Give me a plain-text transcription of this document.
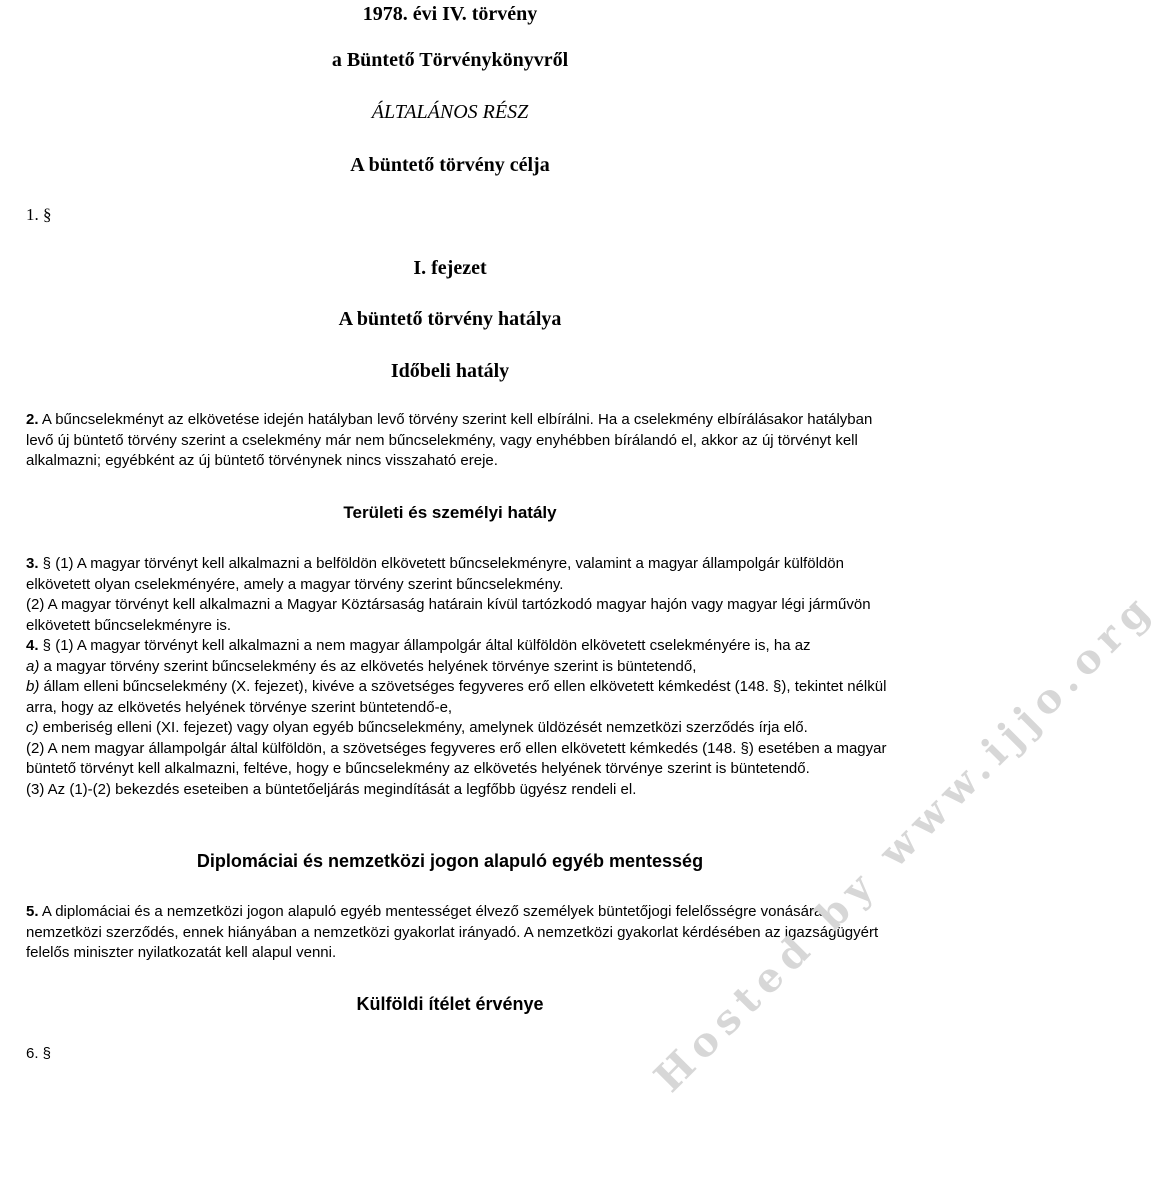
1978. évi IV. törvény
a Büntető Törvénykönyvről
ÁLTALÁNOS RÉSZ
A büntető törvény célja
1. §
I. fejezet
A büntető törvény hatálya
Időbeli hatály

2. A bűncselekményt az elkövetése idején hatályban levő törvény szerint kell elbírálni. Ha a cselekmény elbírálásakor hatályban levő új büntető törvény szerint a cselekmény már nem bűncselekmény, vagy enyhébben bírálandó el, akkor az új törvényt kell alkalmazni; egyébként az új büntető törvénynek nincs visszaható ereje.

Területi és személyi hatály

3. § (1) A magyar törvényt kell alkalmazni a belföldön elkövetett bűncselekményre, valamint a magyar állampolgár külföldön elkövetett olyan cselekményére, amely a magyar törvény szerint bűncselekmény.

(2) A magyar törvényt kell alkalmazni a Magyar Köztársaság határain kívül tartózkodó magyar hajón vagy magyar légi járművön elkövetett bűncselekményre is.

4. § (1) A magyar törvényt kell alkalmazni a nem magyar állampolgár által külföldön elkövetett cselekményére is, ha az

a) a magyar törvény szerint bűncselekmény és az elkövetés helyének törvénye szerint is büntetendő,

b) állam elleni bűncselekmény (X. fejezet), kivéve a szövetséges fegyveres erő ellen elkövetett kémkedést (148. §), tekintet nélkül arra, hogy az elkövetés helyének törvénye szerint büntetendő-e,

c) emberiség elleni (XI. fejezet) vagy olyan egyéb bűncselekmény, amelynek üldözését nemzetközi szerződés írja elő.

(2) A nem magyar állampolgár által külföldön, a szövetséges fegyveres erő ellen elkövetett kémkedés (148. §) esetében a magyar büntető törvényt kell alkalmazni, feltéve, hogy e bűncselekmény az elkövetés helyének törvénye szerint is büntetendő.

(3) Az (1)-(2) bekezdés eseteiben a büntetőeljárás megindítását a legfőbb ügyész rendeli el.

Diplomáciai és nemzetközi jogon alapuló egyéb mentesség

5. A diplomáciai és a nemzetközi jogon alapuló egyéb mentességet élvező személyek büntetőjogi felelősségre vonására nemzetközi szerződés, ennek hiányában a nemzetközi gyakorlat irányadó. A nemzetközi gyakorlat kérdésében az igazságügyért felelős miniszter nyilatkozatát kell alapul venni.

Külföldi ítélet érvénye
6. §	Hosted by www.ijjo.org
